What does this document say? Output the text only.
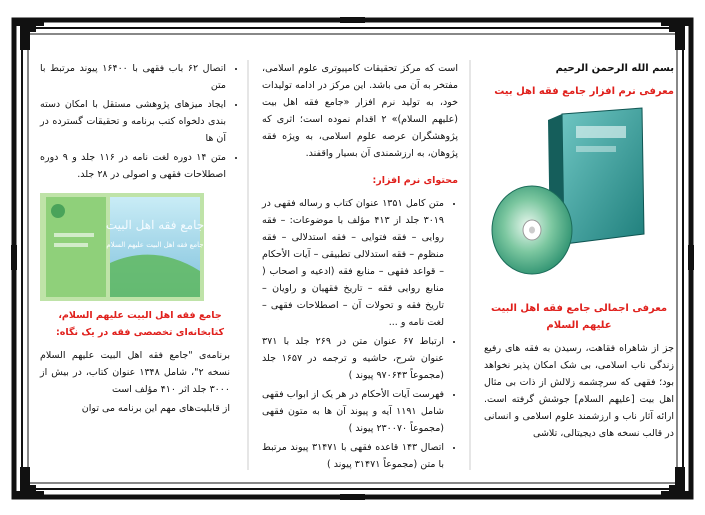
بسم الله الرحمن الرحيم
معرفی نرم افزار جامع فقه اهل بیت
معرفی اجمالی جامع فقه اهل البیت علیهم السلام

جز از شاهراه فقاهت، رسیدن به فقه های رفیع زندگی ناب اسلامی، بی شک امکان پذیر نخواهد بود؛ فقهی که سرچشمه زلالش از ذات بی مثال اهل بیت [علیهم السلام] جوشش گرفته است. ارائه آثار ناب و ارزشمند علوم اسلامی و انسانی در قالب نسخه های دیجیتالی، تلاشی

است که مرکز تحقیقات کامپیوتری علوم اسلامی، مفتخر به آن می باشد. این مرکز در ادامه تولیدات خود، به تولید نرم افزار «جامع فقه اهل بیت (علیهم السلام)» ۲ اقدام نموده است؛ اثری که پژوهشگران عرصه علوم اسلامی، به ویژه فقه پژوهان، به ارزشمندی آن بسیار واقفند.

محتوای نرم افزار:
• متن کامل ۱۳۵۱ عنوان کتاب و رساله فقهی در ۳۰۱۹ جلد از ۴۱۳ مؤلف با موضوعات: – فقه روایی – فقه فتوایی – فقه استدلالی – فقه منظوم – فقه استدلالی تطبیقی – آیات الأحکام – قواعد فقهی – منابع فقه (ادعیه و اصحاب ( منابع روایی فقه – تاریخ فقهیان و راویان – تاریخ فقه و تحولات آن – اصطلاحات فقهی – لغت نامه و ...
• ارتباط ۶۷ عنوان متن در ۲۶۹ جلد با ۳۷۱ عنوان شرح، حاشیه و ترجمه در ۱۶۵۷ جلد (مجموعاً ۹۷۰۶۴۳ پیوند )
• فهرست آیات الأحکام در هر یک از ابواب فقهی شامل ۱۱۹۱ آیه و پیوند آن ها به متون فقهی (مجموعاً ۲۳۰۰۷۰ پیوند )
• اتصال ۱۴۳ قاعده فقهی با ۳۱۴۷۱ پیوند مرتبط با متن (مجموعاً ۳۱۴۷۱ پیوند )
• اتصال ۶۲ باب فقهی با ۱۶۴۰۰ پیوند مرتبط با متن
• ایجاد میزهای پژوهشی مستقل با امکان دسته بندی دلخواه کتب برنامه و تحقیقات گسترده در آن ها
• متن ۱۴ دوره لغت نامه در ۱۱۶ جلد و ۹ دوره اصطلاحات فقهی و اصولی در ۲۸ جلد.
جامع فقه اهل البیت
جامع فقه اهل البیت علیهم السلام
جامع فقه اهل البیت علیهم السلام، کتابخانه‌ای تخصصی فقه در یک نگاه:

برنامه‌ی "جامع فقه اهل البیت علیهم السلام نسخه ۲"، شامل ۱۳۴۸ عنوان کتاب، در بیش از ۳۰۰۰ جلد اثر ۴۱۰ مؤلف است

از قابلیت‌های مهم این برنامه می توان
